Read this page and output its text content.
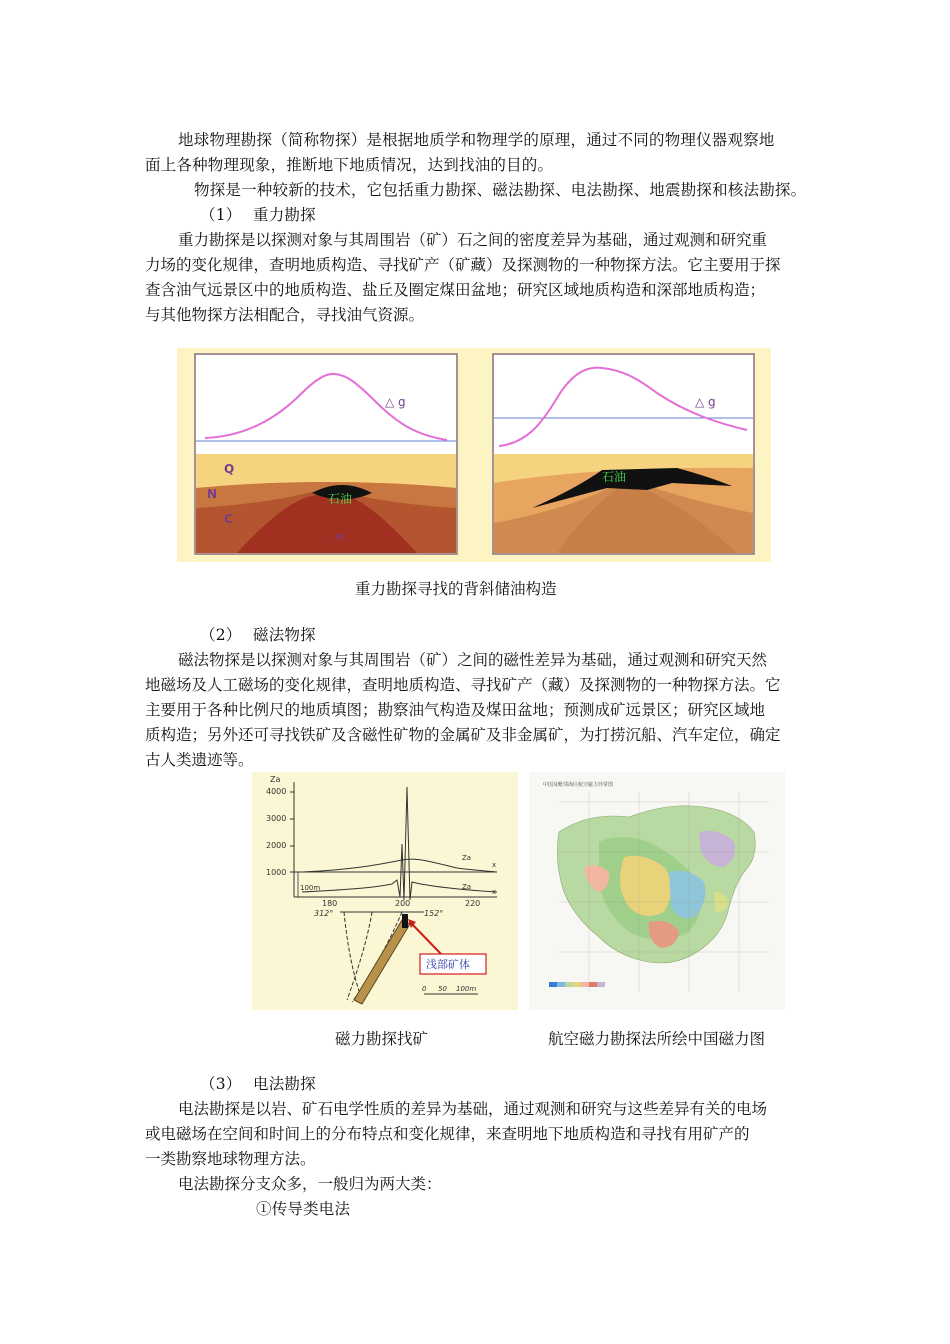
地球物理勘探（简称物探）是根据地质学和物理学的原理，通过不同的物理仪器观察地

面上各种物理现象，推断地下地质情况，达到找油的目的。

物探是一种较新的技术，它包括重力勘探、磁法勘探、电法勘探、地震勘探和核法勘探。

（1） 重力勘探

重力勘探是以探测对象与其周围岩（矿）石之间的密度差异为基础，通过观测和研究重
力场的变化规律，查明地质构造、寻找矿产（矿藏）及探测物的一种物探方法。它主要用于探
查含油气远景区中的地质构造、盐丘及圈定煤田盆地；研究区域地质构造和深部地质构造；
与其他物探方法相配合，寻找油气资源。
△ g
Q
N
C
石油
≪
△ g
石油
重力勘探寻找的背斜储油构造

（2） 磁法物探

磁法物探是以探测对象与其周围岩（矿）之间的磁性差异为基础，通过观测和研究天然
地磁场及人工磁场的变化规律，查明地质构造、寻找矿产（藏）及探测物的一种物探方法。它
主要用于各种比例尺的地质填图；勘察油气构造及煤田盆地；预测成矿远景区；研究区域地
质构造；另外还可寻找铁矿及含磁性矿物的金属矿及非金属矿，为打捞沉船、汽车定位，确定
古人类遗迹等。
Za
4000
3000
2000
1000
x
x
180	200	220
100m
Za
Za
312°	152°
浅部矿体
0 50 100m
中国及毗邻海区航空磁力异常图
磁力勘探找矿	航空磁力勘探法所绘中国磁力图

（3） 电法勘探

电法勘探是以岩、矿石电学性质的差异为基础，通过观测和研究与这些差异有关的电场
或电磁场在空间和时间上的分布特点和变化规律，来查明地下地质构造和寻找有用矿产的
一类勘察地球物理方法。
电法勘探分支众多，一般归为两大类：

①传导类电法
